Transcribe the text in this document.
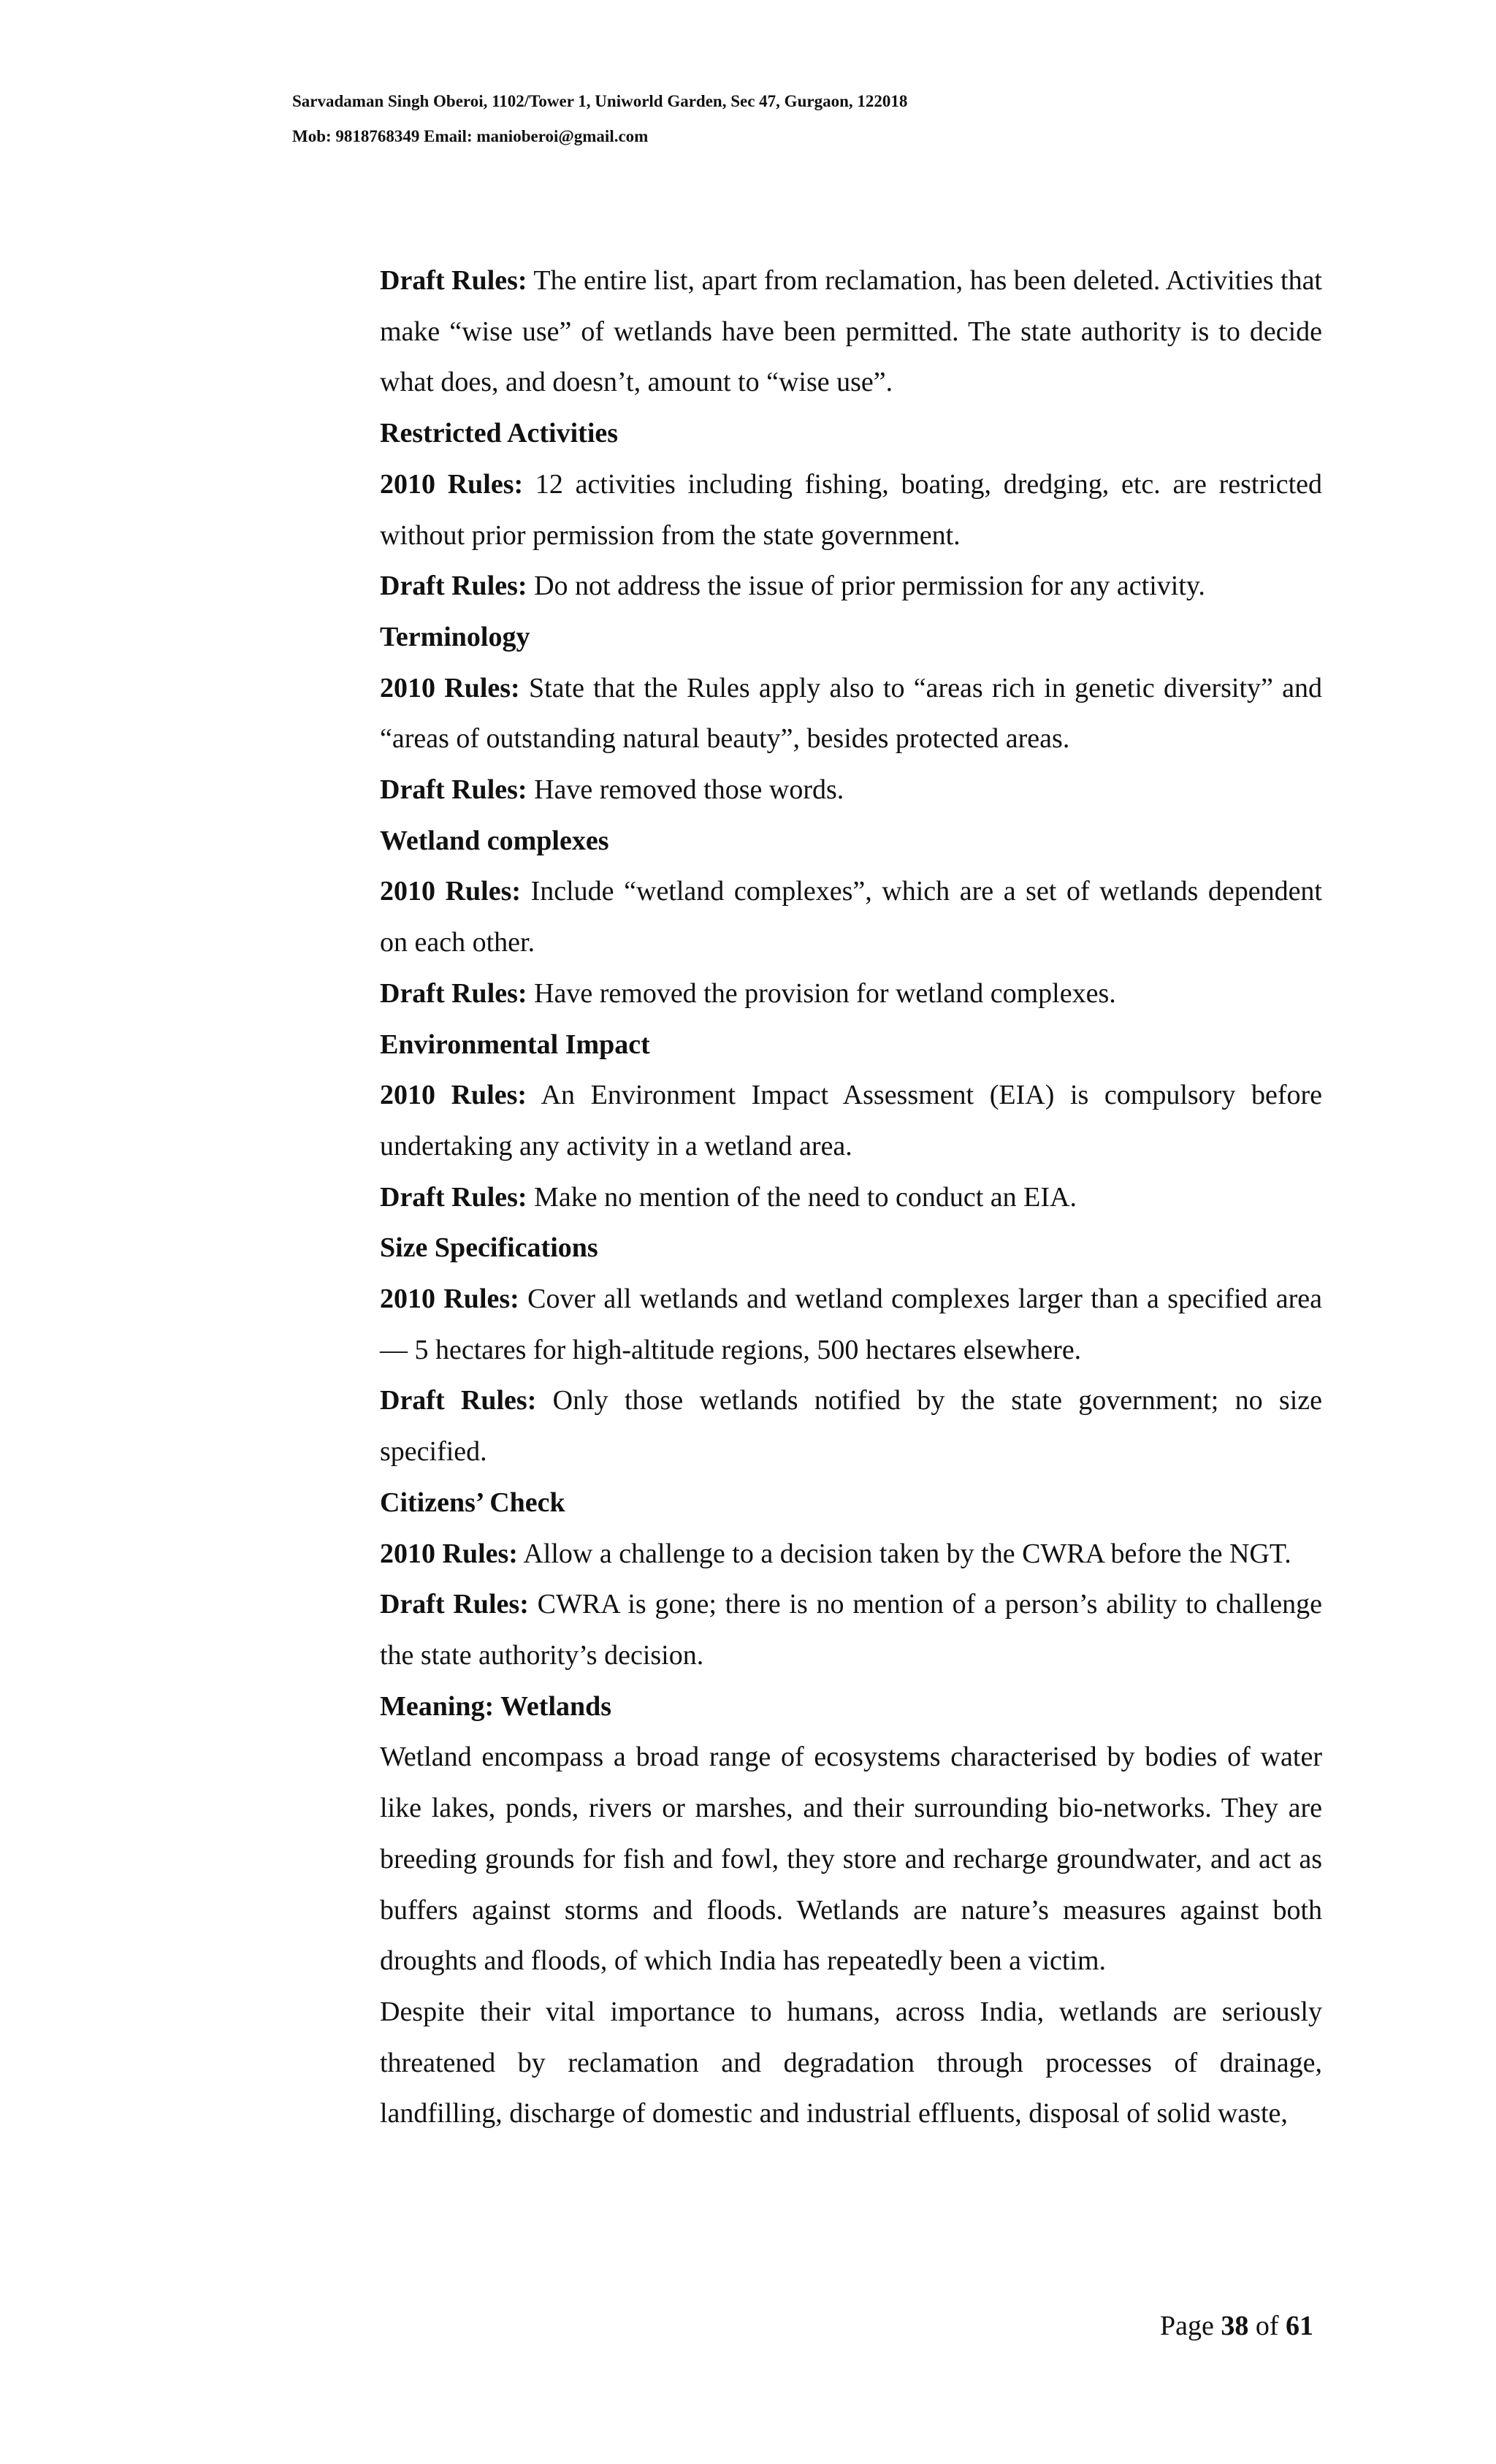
Sarvadaman Singh Oberoi, 1102/Tower 1, Uniworld Garden, Sec 47, Gurgaon, 122018
Mob: 9818768349 Email: manioberoi@gmail.com

Draft Rules: The entire list, apart from reclamation, has been deleted. Activities that make “wise use” of wetlands have been permitted. The state authority is to decide what does, and doesn’t, amount to “wise use”.

Restricted Activities

2010 Rules: 12 activities including fishing, boating, dredging, etc. are restricted without prior permission from the state government.

Draft Rules: Do not address the issue of prior permission for any activity.

Terminology

2010 Rules: State that the Rules apply also to “areas rich in genetic diversity” and “areas of outstanding natural beauty”, besides protected areas.

Draft Rules: Have removed those words.

Wetland complexes

2010 Rules: Include “wetland complexes”, which are a set of wetlands dependent on each other.

Draft Rules: Have removed the provision for wetland complexes.

Environmental Impact

2010 Rules: An Environment Impact Assessment (EIA) is compulsory before undertaking any activity in a wetland area.

Draft Rules: Make no mention of the need to conduct an EIA.

Size Specifications

2010 Rules: Cover all wetlands and wetland complexes larger than a specified area — 5 hectares for high-altitude regions, 500 hectares elsewhere.

Draft Rules: Only those wetlands notified by the state government; no size specified.

Citizens’ Check

2010 Rules: Allow a challenge to a decision taken by the CWRA before the NGT.

Draft Rules: CWRA is gone; there is no mention of a person’s ability to challenge the state authority’s decision.

Meaning: Wetlands

Wetland encompass a broad range of ecosystems characterised by bodies of water like lakes, ponds, rivers or marshes, and their surrounding bio-networks. They are breeding grounds for fish and fowl, they store and recharge groundwater, and act as buffers against storms and floods. Wetlands are nature’s measures against both droughts and floods, of which India has repeatedly been a victim.

Despite their vital importance to humans, across India, wetlands are seriously threatened by reclamation and degradation through processes of drainage, landfilling, discharge of domestic and industrial effluents, disposal of solid waste,

Page 38 of 61
